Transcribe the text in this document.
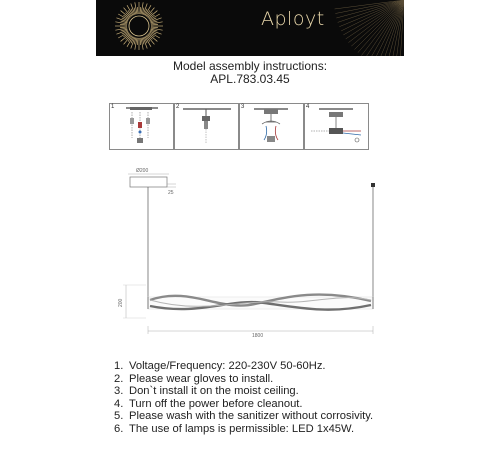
Aployt
Model assembly instructions:
APL.783.03.45
1	2	3	4
Ø200
25
200
1800
1. Voltage/Frequency: 220-230V 50-60Hz.
2. Please wear gloves to install.
3. Don`t install it on the moist ceiling.
4. Turn off the power before cleanout.
5. Please wash with the sanitizer without corrosivity.
6. The use of lamps is permissible: LED 1x45W.
